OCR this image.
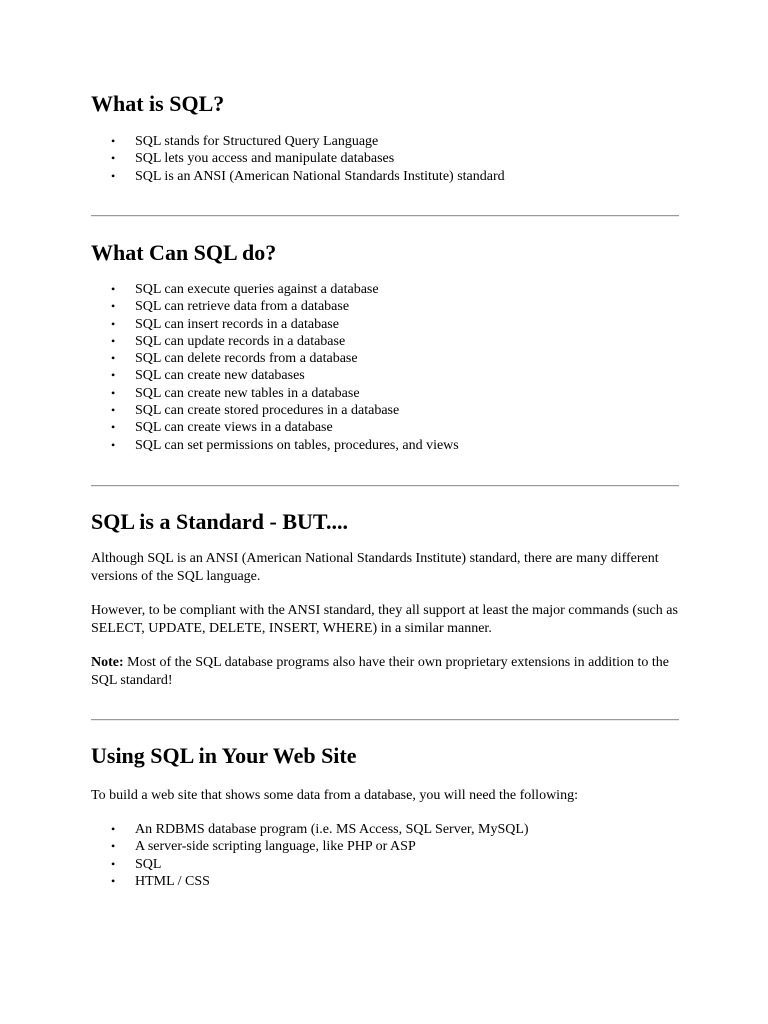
What is SQL?
• SQL stands for Structured Query Language
• SQL lets you access and manipulate databases
• SQL is an ANSI (American National Standards Institute) standard
What Can SQL do?
• SQL can execute queries against a database
• SQL can retrieve data from a database
• SQL can insert records in a database
• SQL can update records in a database
• SQL can delete records from a database
• SQL can create new databases
• SQL can create new tables in a database
• SQL can create stored procedures in a database
• SQL can create views in a database
• SQL can set permissions on tables, procedures, and views
SQL is a Standard - BUT....

Although SQL is an ANSI (American National Standards Institute) standard, there are many different versions of the SQL language.

However, to be compliant with the ANSI standard, they all support at least the major commands (such as SELECT, UPDATE, DELETE, INSERT, WHERE) in a similar manner.

Note: Most of the SQL database programs also have their own proprietary extensions in addition to the SQL standard!

Using SQL in Your Web Site

To build a web site that shows some data from a database, you will need the following:

• An RDBMS database program (i.e. MS Access, SQL Server, MySQL)
• A server-side scripting language, like PHP or ASP
• SQL
• HTML / CSS
